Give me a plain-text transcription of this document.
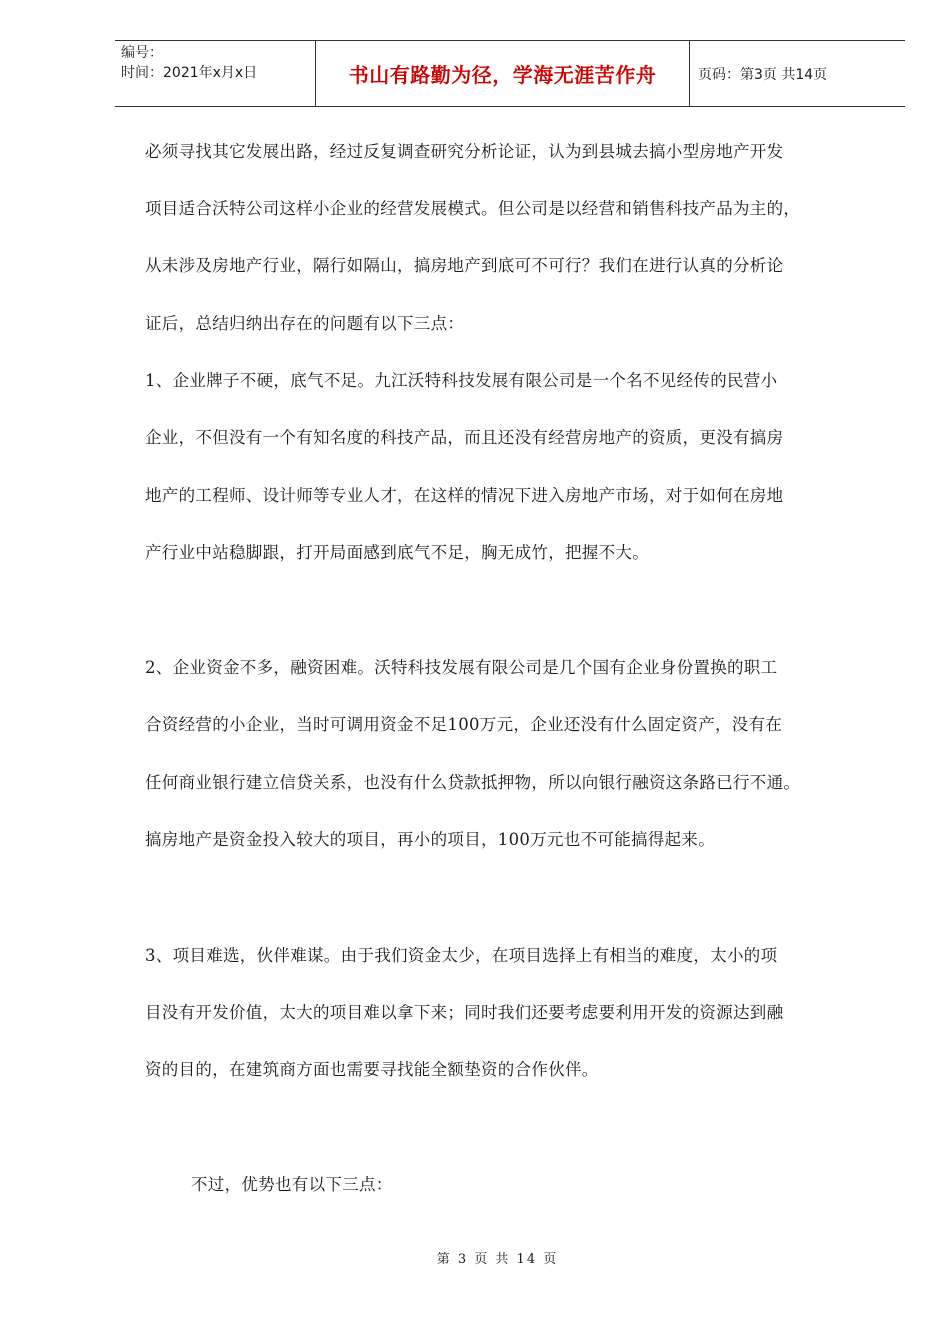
编号：
时间：2021年x月x日	书山有路勤为径，学海无涯苦作舟	页码：第3页 共14页
必须寻找其它发展出路，经过反复调查研究分析论证，认为到县城去搞小型房地产开发
项目适合沃特公司这样小企业的经营发展模式。但公司是以经营和销售科技产品为主的，
从未涉及房地产行业，隔行如隔山，搞房地产到底可不可行？我们在进行认真的分析论
证后，总结归纳出存在的问题有以下三点：
1、企业牌子不硬，底气不足。九江沃特科技发展有限公司是一个名不见经传的民营小
企业，不但没有一个有知名度的科技产品，而且还没有经营房地产的资质，更没有搞房
地产的工程师、设计师等专业人才，在这样的情况下进入房地产市场，对于如何在房地
产行业中站稳脚跟，打开局面感到底气不足，胸无成竹，把握不大。
2、企业资金不多，融资困难。沃特科技发展有限公司是几个国有企业身份置换的职工
合资经营的小企业，当时可调用资金不足100万元，企业还没有什么固定资产，没有在
任何商业银行建立信贷关系，也没有什么贷款抵押物，所以向银行融资这条路已行不通。
搞房地产是资金投入较大的项目，再小的项目，100万元也不可能搞得起来。
3、项目难选，伙伴难谋。由于我们资金太少，在项目选择上有相当的难度，太小的项
目没有开发价值，太大的项目难以拿下来；同时我们还要考虑要利用开发的资源达到融
资的目的，在建筑商方面也需要寻找能全额垫资的合作伙伴。
不过，优势也有以下三点：
第 3 页 共 14 页
